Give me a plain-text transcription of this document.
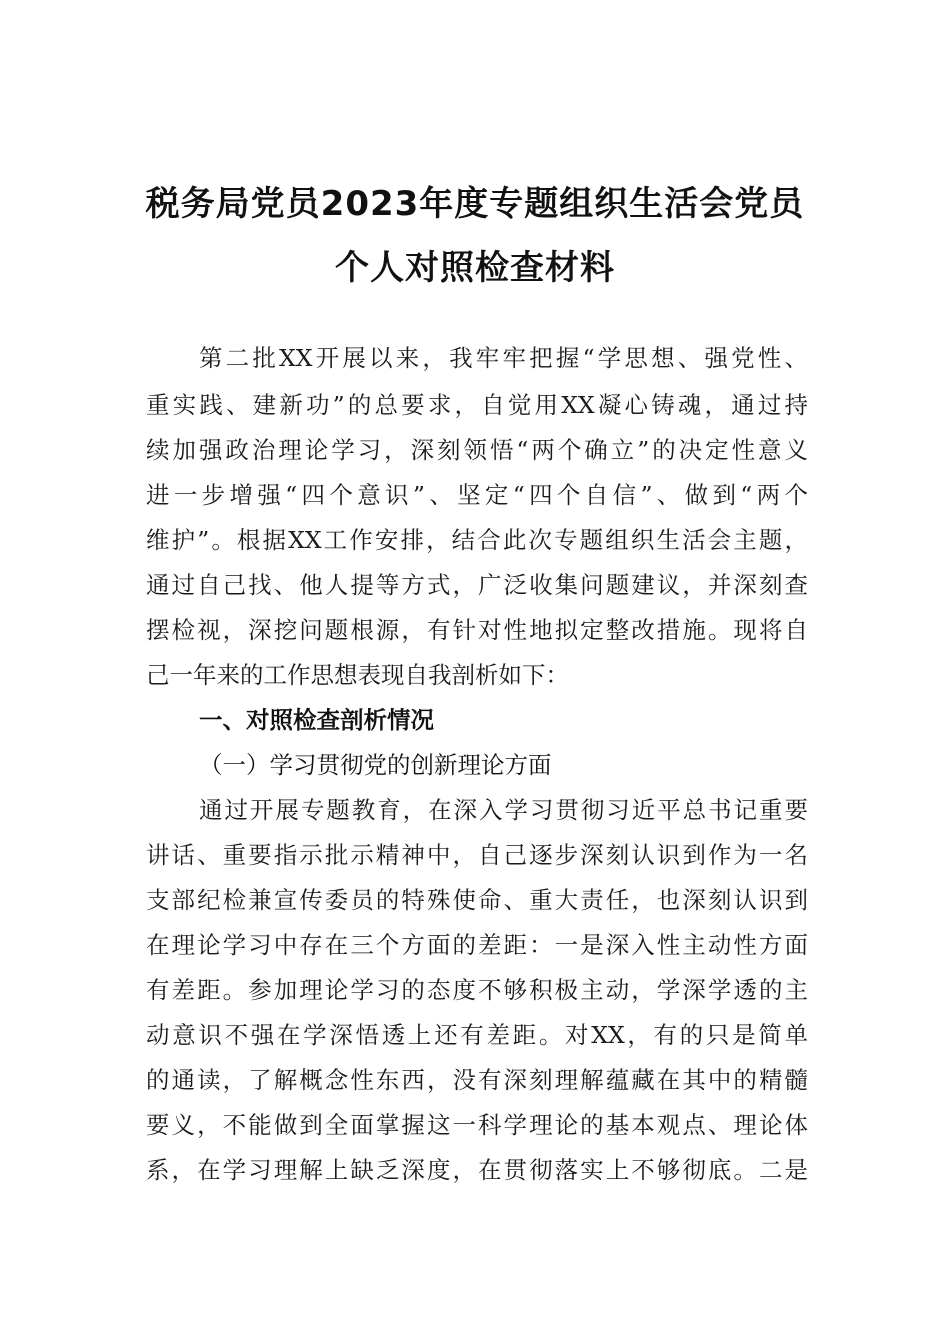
税务局党员2023年度专题组织生活会党员
个人对照检查材料
第二批XX开展以来，我牢牢把握“学思想、强党性、
重实践、建新功”的总要求，自觉用XX凝心铸魂，通过持
续加强政治理论学习，深刻领悟“两个确立”的决定性意义
进一步增强“四个意识”、坚定“四个自信”、做到“两个
维护”。根据XX工作安排，结合此次专题组织生活会主题，
通过自己找、他人提等方式，广泛收集问题建议，并深刻查
摆检视，深挖问题根源，有针对性地拟定整改措施。现将自
己一年来的工作思想表现自我剖析如下：
一、对照检查剖析情况
（一）学习贯彻党的创新理论方面
通过开展专题教育，在深入学习贯彻习近平总书记重要
讲话、重要指示批示精神中，自己逐步深刻认识到作为一名
支部纪检兼宣传委员的特殊使命、重大责任，也深刻认识到
在理论学习中存在三个方面的差距：一是深入性主动性方面
有差距。参加理论学习的态度不够积极主动，学深学透的主
动意识不强在学深悟透上还有差距。对XX，有的只是简单
的通读，了解概念性东西，没有深刻理解蕴藏在其中的精髓
要义，不能做到全面掌握这一科学理论的基本观点、理论体
系，在学习理解上缺乏深度，在贯彻落实上不够彻底。二是
